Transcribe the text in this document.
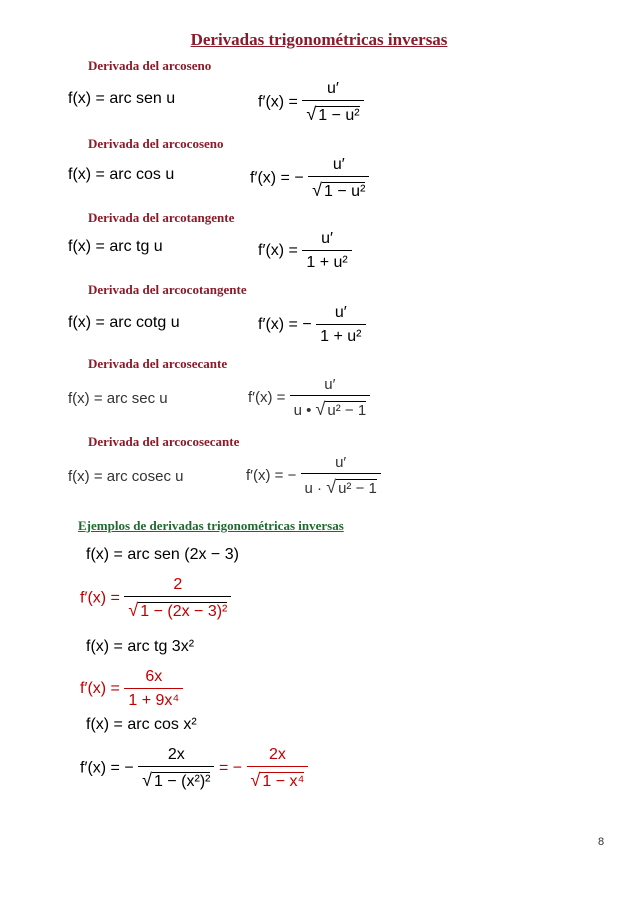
Derivadas trigonométricas inversas
Derivada del arcoseno
f(x) = arc sen u	$f'(x) = \frac{u'}{\text{√ 1 − u²}}$
Derivada del arcocoseno
f(x) = arc cos u	f′(x) = − $\frac{u'}{\text{√ 1 − u²}}$
Derivada del arcotangente
f(x) = arc tg u	$f'(x) = \frac{u'}{\text{1 + u²}}$
Derivada del arcocotangente
f(x) = arc cotg u	f′(x) = − $\frac{u'}{\text{1 + u²}}$
Derivada del arcosecante
f(x) = arc sec u	$f'(x) = \frac{u'}{\text{u • √ u² − 1}}$
Derivada del arcocosecante
f(x) = arc cosec u	f′(x) = − $\frac{u'}{\text{u · √ u² − 1}}$
Ejemplos de derivadas trigonométricas inversas
f(x) = arc sen (2x − 3)
$f'(x) = \frac{2}{\text{√ 1 − (2x − 3)²}}$
f(x) = arc tg 3x²
$f'(x) = \frac{6x}{\text{1 + 9x⁴}}$
f(x) = arc cos x²
f′(x) = − $\frac{2x}{\text{√ 1 − (x²)²}}$ = − $\frac{2x}{\text{√ 1 − x⁴}}$
8
